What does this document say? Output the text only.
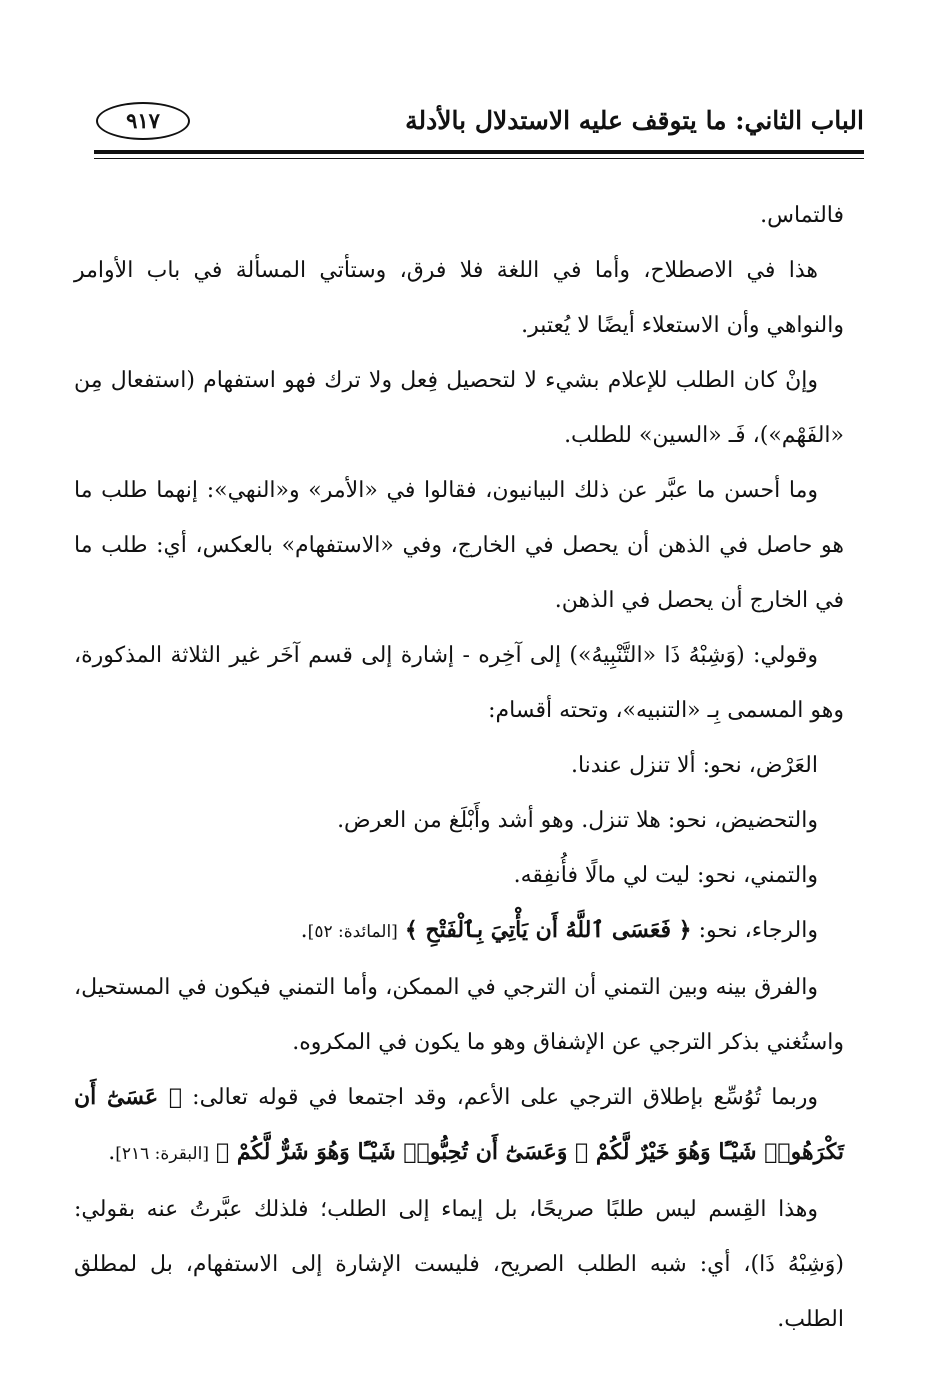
الباب الثاني: ما يتوقف عليه الاستدلال بالأدلة
٩١٧

فالتماس.

هذا في الاصطلاح، وأما في اللغة فلا فرق، وستأتي المسألة في باب الأوامر والنواهي وأن الاستعلاء أيضًا لا يُعتبر.

وإنْ كان الطلب للإعلام بشيء لا لتحصيل فِعل ولا ترك فهو استفهام (استفعال مِن «الفَهْم»)، فَـ «السين» للطلب.

وما أحسن ما عبَّر عن ذلك البيانيون، فقالوا في «الأمر» و«النهي»: إنهما طلب ما هو حاصل في الذهن أن يحصل في الخارج، وفي «الاستفهام» بالعكس، أي: طلب ما في الخارج أن يحصل في الذهن.

وقولي: (وَشِبْهُ ذَا «التَّنْبِيهُ») إلى آخِره - إشارة إلى قسم آخَر غير الثلاثة المذكورة، وهو المسمى بِـ «التنبيه»، وتحته أقسام:

العَرْض، نحو: ألا تنزل عندنا.

والتحضيض، نحو: هلا تنزل. وهو أشد وأَبْلَغ من العرض.

والتمني، نحو: ليت لي مالًا فأُنفِقه.

والرجاء، نحو: ﴿ فَعَسَى ٱللَّهُ أَن يَأْتِيَ بِٱلْفَتْحِ ﴾ [المائدة: ٥٢].

والفرق بينه وبين التمني أن الترجي في الممكن، وأما التمني فيكون في المستحيل، واستُغني بذكر الترجي عن الإشفاق وهو ما يكون في المكروه.

وربما تُوُسِّع بإطلاق الترجي على الأعم، وقد اجتمعا في قوله تعالى: ﴿ عَسَىٰٓ أَن تَكْرَهُوا۟ شَيْـًٔا وَهُوَ خَيْرٌ لَّكُمْ ۖ وَعَسَىٰٓ أَن تُحِبُّوا۟ شَيْـًٔا وَهُوَ شَرٌّ لَّكُمْ ﴾ [البقرة: ٢١٦].

وهذا القِسم ليس طلبًا صريحًا، بل إيماء إلى الطلب؛ فلذلك عبَّرتُ عنه بقولي: (وَشِبْهُ ذَا)، أي: شبه الطلب الصريح، فليست الإشارة إلى الاستفهام، بل لمطلق الطلب.
